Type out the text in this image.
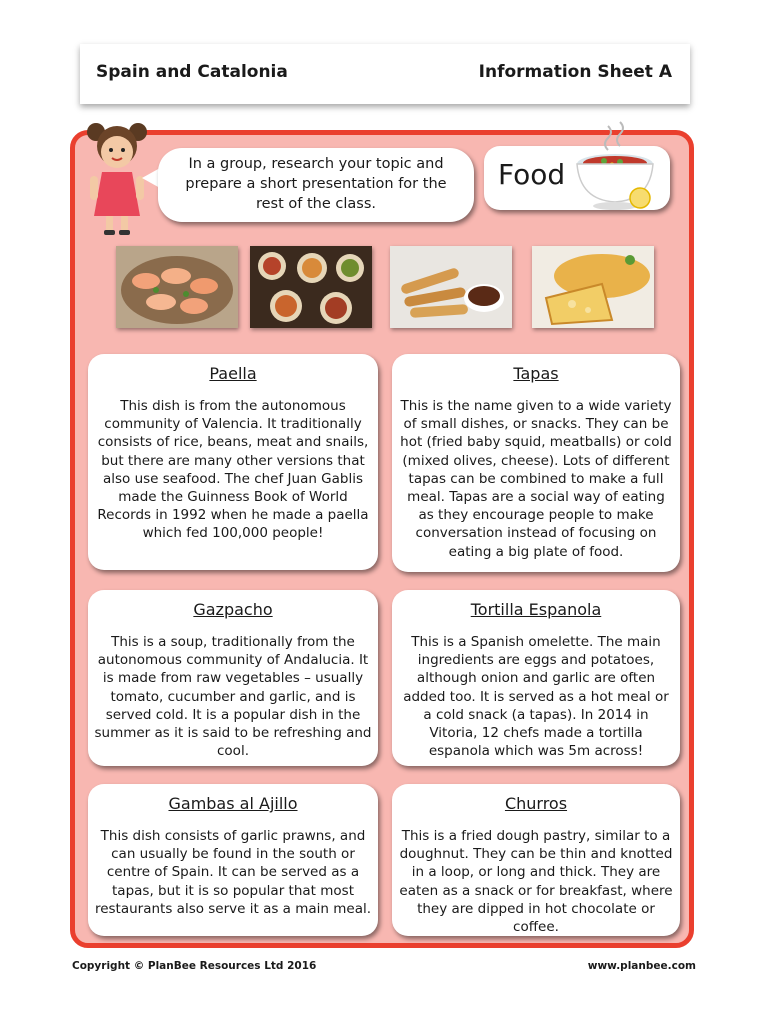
Spain and Catalonia	Information Sheet A
In a group, research your topic and prepare a short presentation for the rest of the class.
Food
Paella
This dish is from the autonomous community of Valencia. It traditionally consists of rice, beans, meat and snails, but there are many other versions that also use seafood. The chef Juan Gablis made the Guinness Book of World Records in 1992 when he made a paella which fed 100,000 people!
Tapas
This is the name given to a wide variety of small dishes, or snacks. They can be hot (fried baby squid, meatballs) or cold (mixed olives, cheese). Lots of different tapas can be combined to make a full meal. Tapas are a social way of eating as they encourage people to make conversation instead of focusing on eating a big plate of food.
Gazpacho
This is a soup, traditionally from the autonomous community of Andalucia. It is made from raw vegetables – usually tomato, cucumber and garlic, and is served cold. It is a popular dish in the summer as it is said to be refreshing and cool.
Tortilla Espanola
This is a Spanish omelette. The main ingredients are eggs and potatoes, although onion and garlic are often added too. It is served as a hot meal or a cold snack (a tapas). In 2014 in Vitoria, 12 chefs made a tortilla espanola which was 5m across!
Gambas al Ajillo
This dish consists of garlic prawns, and can usually be found in the south or centre of Spain. It can be served as a tapas, but it is so popular that most restaurants also serve it as a main meal.
Churros
This is a fried dough pastry, similar to a doughnut. They can be thin and knotted in a loop, or long and thick. They are eaten as a snack or for breakfast, where they are dipped in hot chocolate or coffee.
Copyright © PlanBee Resources Ltd 2016	www.planbee.com
